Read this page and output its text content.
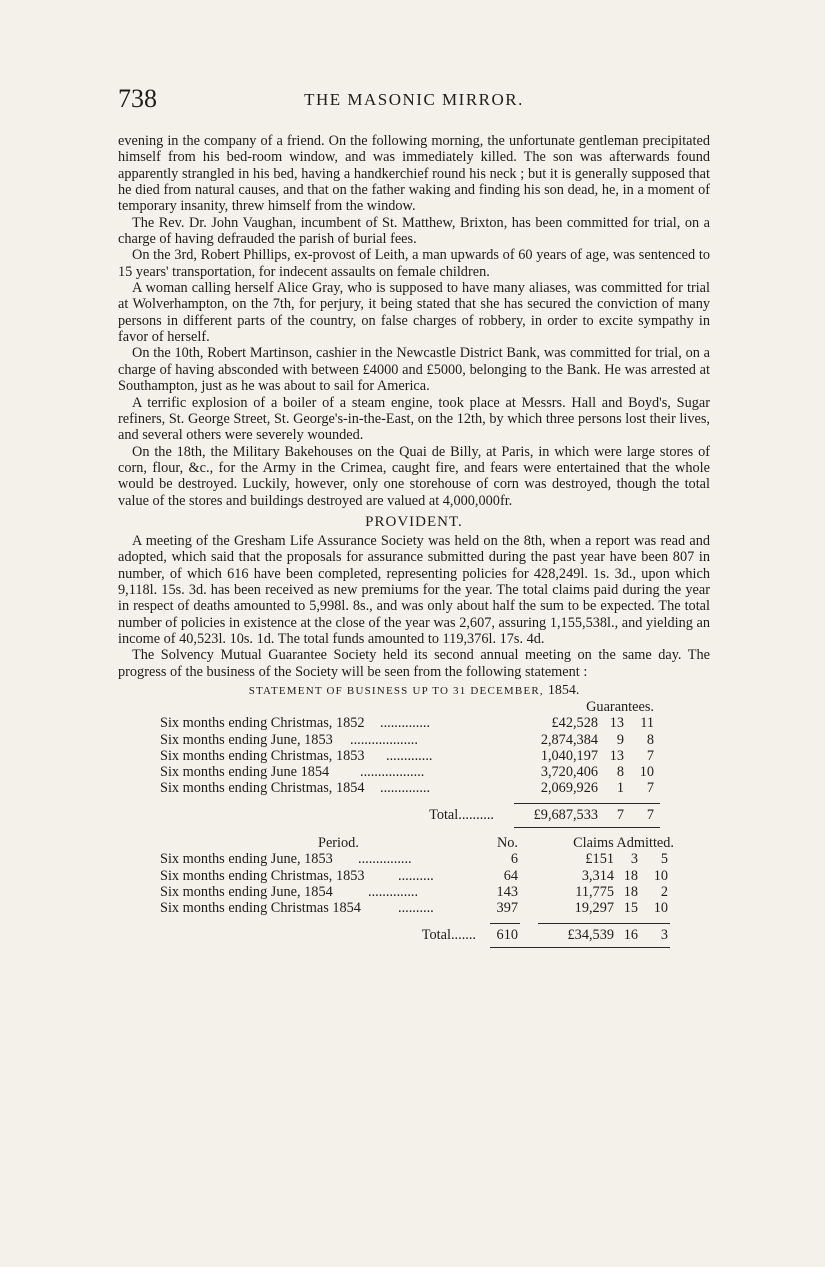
738	THE MASONIC MIRROR.

evening in the company of a friend. On the following morning, the unfortunate gentleman precipitated himself from his bed-room window, and was immediately killed. The son was afterwards found apparently strangled in his bed, having a handkerchief round his neck ; but it is generally supposed that he died from natural causes, and that on the father waking and finding his son dead, he, in a moment of temporary insanity, threw himself from the window.

The Rev. Dr. John Vaughan, incumbent of St. Matthew, Brixton, has been committed for trial, on a charge of having defrauded the parish of burial fees.

On the 3rd, Robert Phillips, ex-provost of Leith, a man upwards of 60 years of age, was sentenced to 15 years' transportation, for indecent assaults on female children.

A woman calling herself Alice Gray, who is supposed to have many aliases, was committed for trial at Wolverhampton, on the 7th, for perjury, it being stated that she has secured the conviction of many persons in different parts of the country, on false charges of robbery, in order to excite sympathy in favor of herself.

On the 10th, Robert Martinson, cashier in the Newcastle District Bank, was committed for trial, on a charge of having absconded with between £4000 and £5000, belonging to the Bank. He was arrested at Southampton, just as he was about to sail for America.

A terrific explosion of a boiler of a steam engine, took place at Messrs. Hall and Boyd's, Sugar refiners, St. George Street, St. George's-in-the-East, on the 12th, by which three persons lost their lives, and several others were severely wounded.

On the 18th, the Military Bakehouses on the Quai de Billy, at Paris, in which were large stores of corn, flour, &c., for the Army in the Crimea, caught fire, and fears were entertained that the whole would be destroyed. Luckily, however, only one storehouse of corn was destroyed, though the total value of the stores and buildings destroyed are valued at 4,000,000fr.

PROVIDENT.

A meeting of the Gresham Life Assurance Society was held on the 8th, when a report was read and adopted, which said that the proposals for assurance submitted during the past year have been 807 in number, of which 616 have been completed, representing policies for 428,249l. 1s. 3d., upon which 9,118l. 15s. 3d. has been received as new premiums for the year. The total claims paid during the year in respect of deaths amounted to 5,998l. 8s., and was only about half the sum to be expected. The total number of policies in existence at the close of the year was 2,607, assuring 1,155,538l., and yielding an income of 40,523l. 10s. 1d. The total funds amounted to 119,376l. 17s. 4d.

The Solvency Mutual Guarantee Society held its second annual meeting on the same day. The progress of the business of the Society will be seen from the following statement :

STATEMENT OF BUSINESS UP TO 31 DECEMBER, 1854.
Guarantees.
Six months ending Christmas, 1852 ..............	£42,528 13	11
Six months ending June, 1853 ...................	2,874,384	9	8
Six months ending Christmas, 1853 .............	1,040,197 13	7
Six months ending June 1854 ..................	3,720,406	8	10
Six months ending Christmas, 1854 ..............	2,069,926	1	7
Total..........	£9,687,533	7	7
Period.	No.	Claims Admitted.
Six months ending June, 1853 ...............	6	£151	3	5
Six months ending Christmas, 1853 ..........	64	3,314 18	10
Six months ending June, 1854 ..............	143	11,775 18	2
Six months ending Christmas 1854	..........	397	19,297 15	10
Total.......	610	£34,539 16	3
